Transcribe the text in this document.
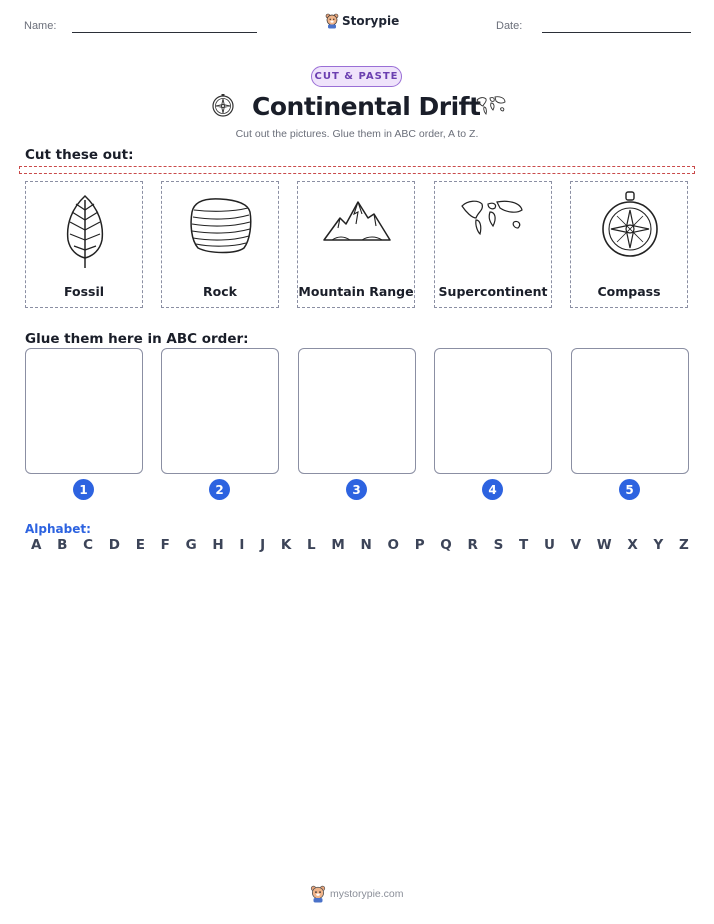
Name:	Storypie	Date:
CUT & PASTE
Continental Drift
Cut out the pictures. Glue them in ABC order, A to Z.
Cut these out:
Fossil	Rock	Mountain Range Supercontinent	Compass
Glue them here in ABC order:
1	2	3	4	5
Alphabet:
A B C D E F G H I J K L M N O P Q R S T U V W X Y Z
mystorypie.com
